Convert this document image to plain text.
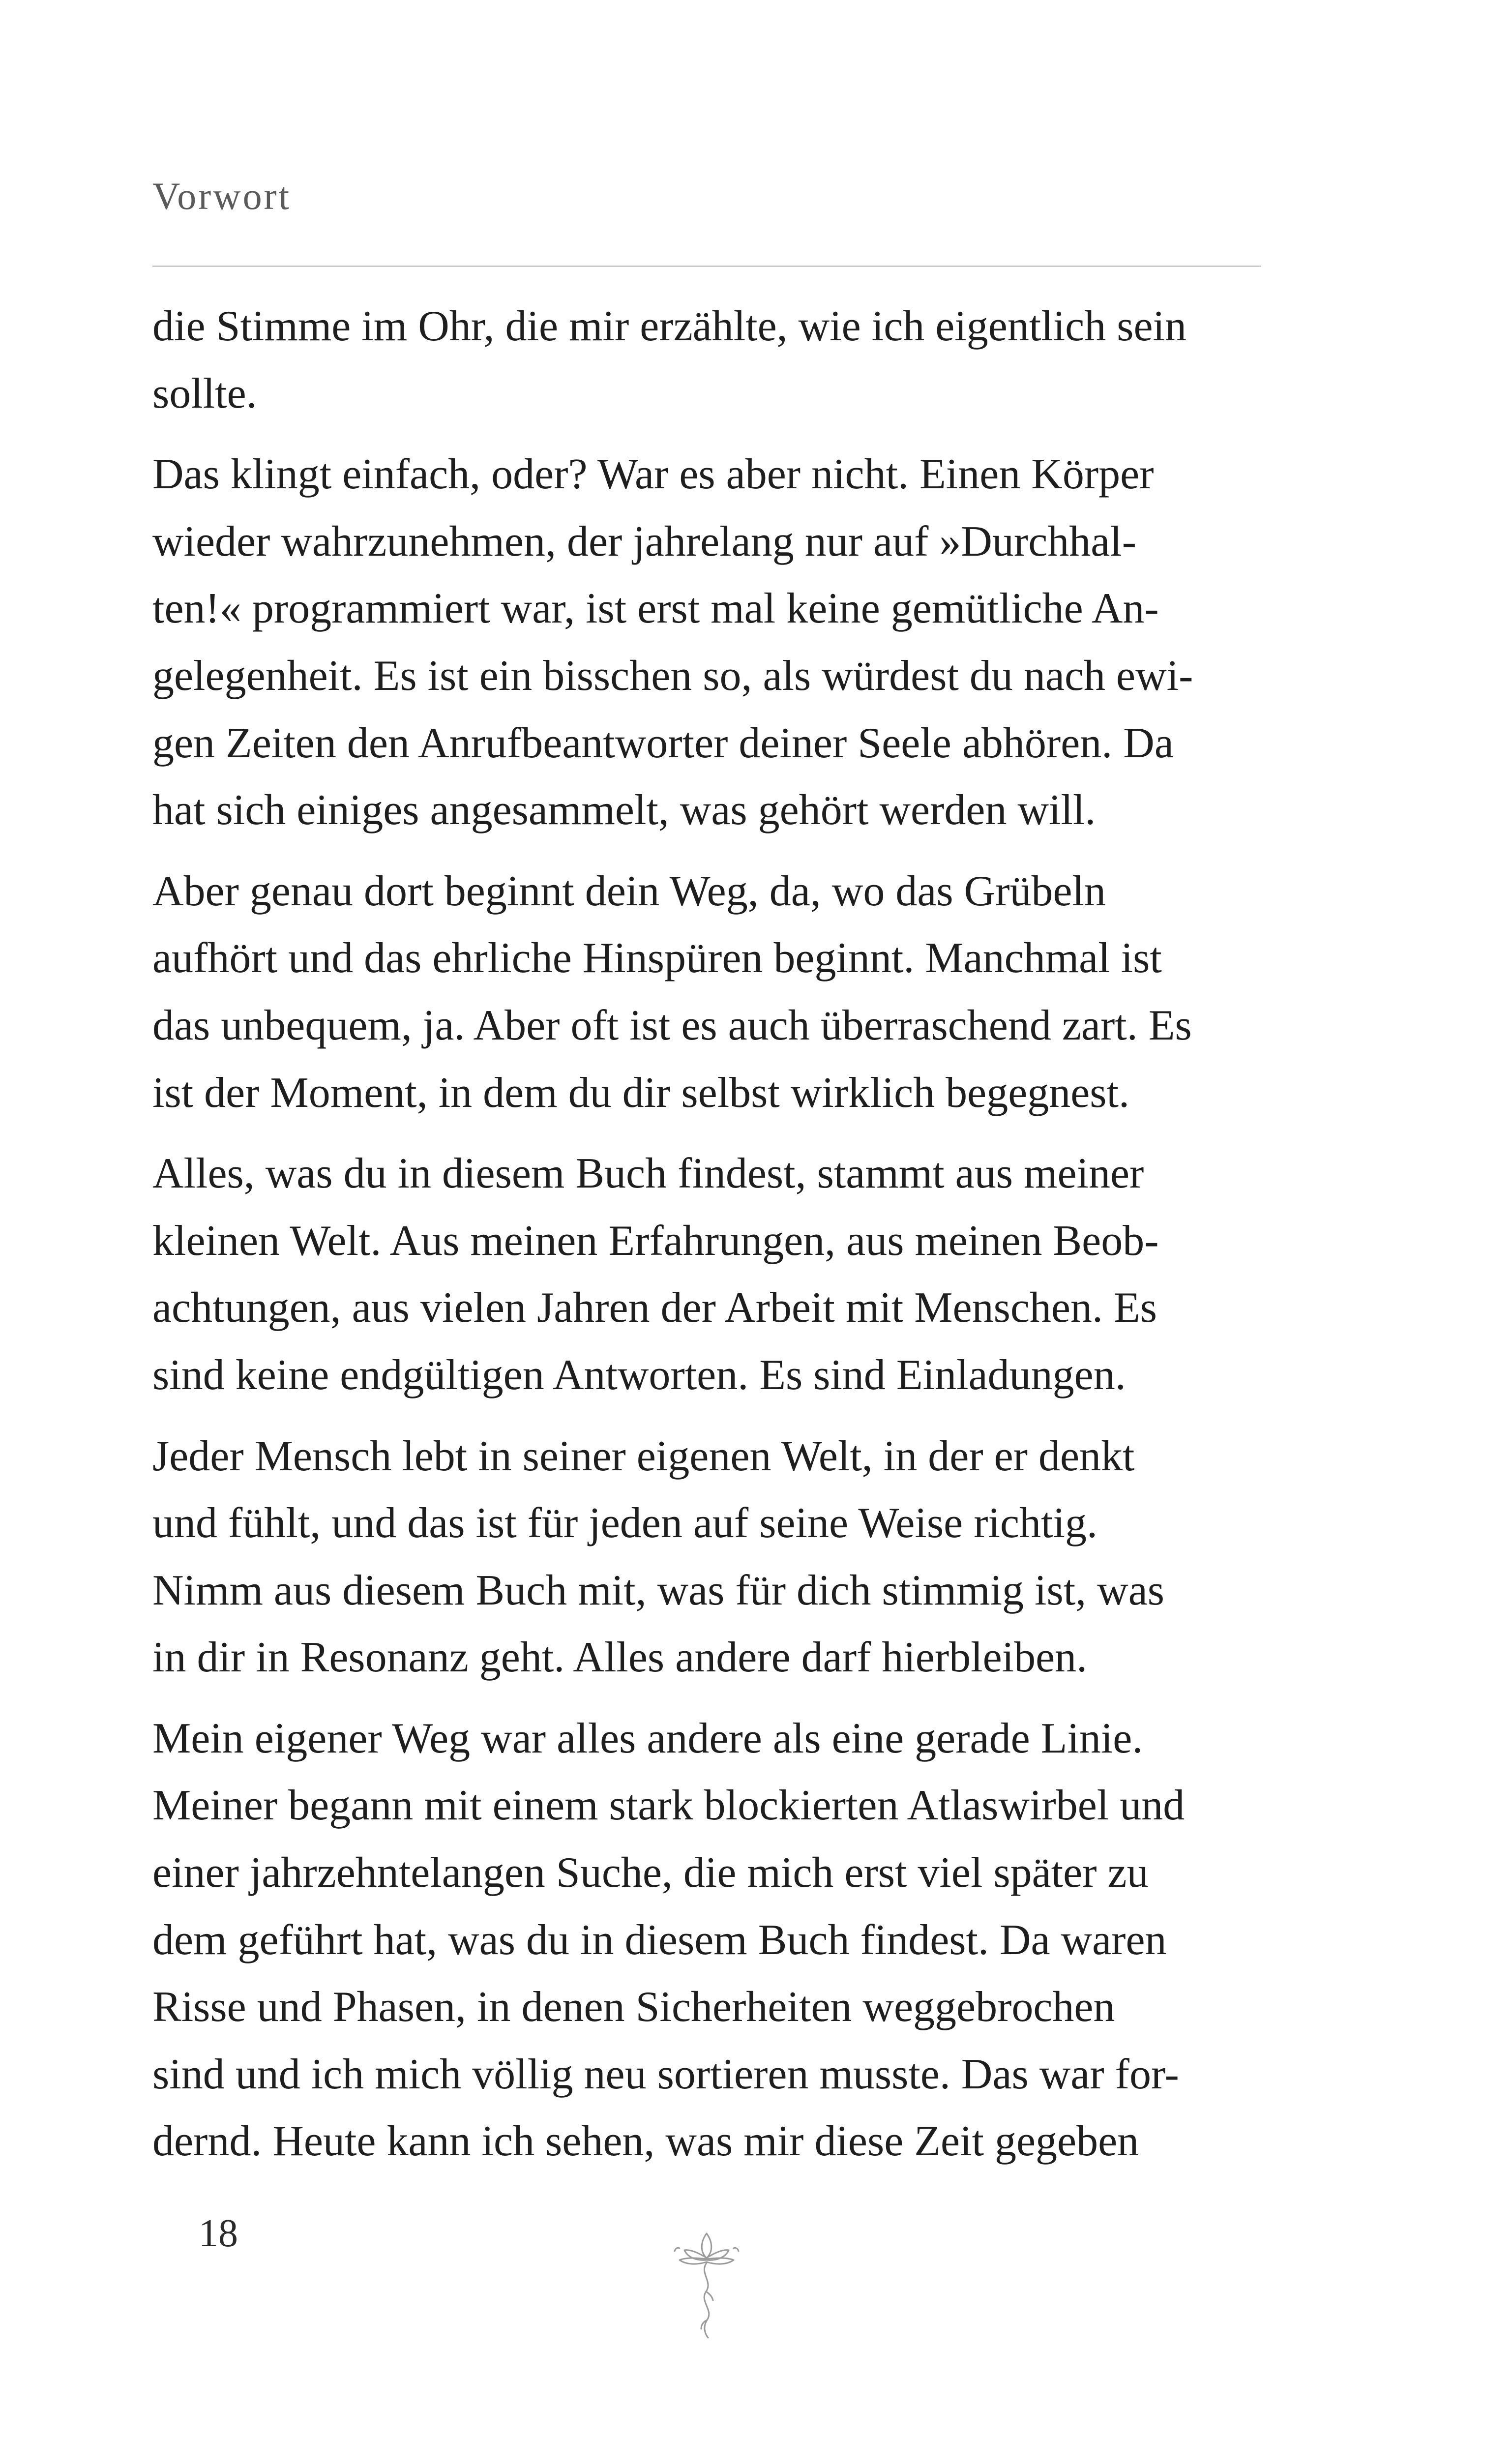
Vorwort

die Stimme im Ohr, die mir erzählte, wie ich eigentlich sein
sollte.

Das klingt einfach, oder? War es aber nicht. Einen Körper
wieder wahrzunehmen, der jahrelang nur auf »Durchhal-
ten!« programmiert war, ist erst mal keine gemütliche An-
gelegenheit. Es ist ein bisschen so, als würdest du nach ewi-
gen Zeiten den Anrufbeantworter deiner Seele abhören. Da
hat sich einiges angesammelt, was gehört werden will.

Aber genau dort beginnt dein Weg, da, wo das Grübeln
aufhört und das ehrliche Hinspüren beginnt. Manchmal ist
das unbequem, ja. Aber oft ist es auch überraschend zart. Es
ist der Moment, in dem du dir selbst wirklich begegnest.

Alles, was du in diesem Buch findest, stammt aus meiner
kleinen Welt. Aus meinen Erfahrungen, aus meinen Beob-
achtungen, aus vielen Jahren der Arbeit mit Menschen. Es
sind keine endgültigen Antworten. Es sind Einladungen.

Jeder Mensch lebt in seiner eigenen Welt, in der er denkt
und fühlt, und das ist für jeden auf seine Weise richtig.
Nimm aus diesem Buch mit, was für dich stimmig ist, was
in dir in Resonanz geht. Alles andere darf hierbleiben.

Mein eigener Weg war alles andere als eine gerade Linie.
Meiner begann mit einem stark blockierten Atlaswirbel und
einer jahrzehntelangen Suche, die mich erst viel später zu
dem geführt hat, was du in diesem Buch findest. Da waren
Risse und Phasen, in denen Sicherheiten weggebrochen
sind und ich mich völlig neu sortieren musste. Das war for-
dernd. Heute kann ich sehen, was mir diese Zeit gegeben

18
